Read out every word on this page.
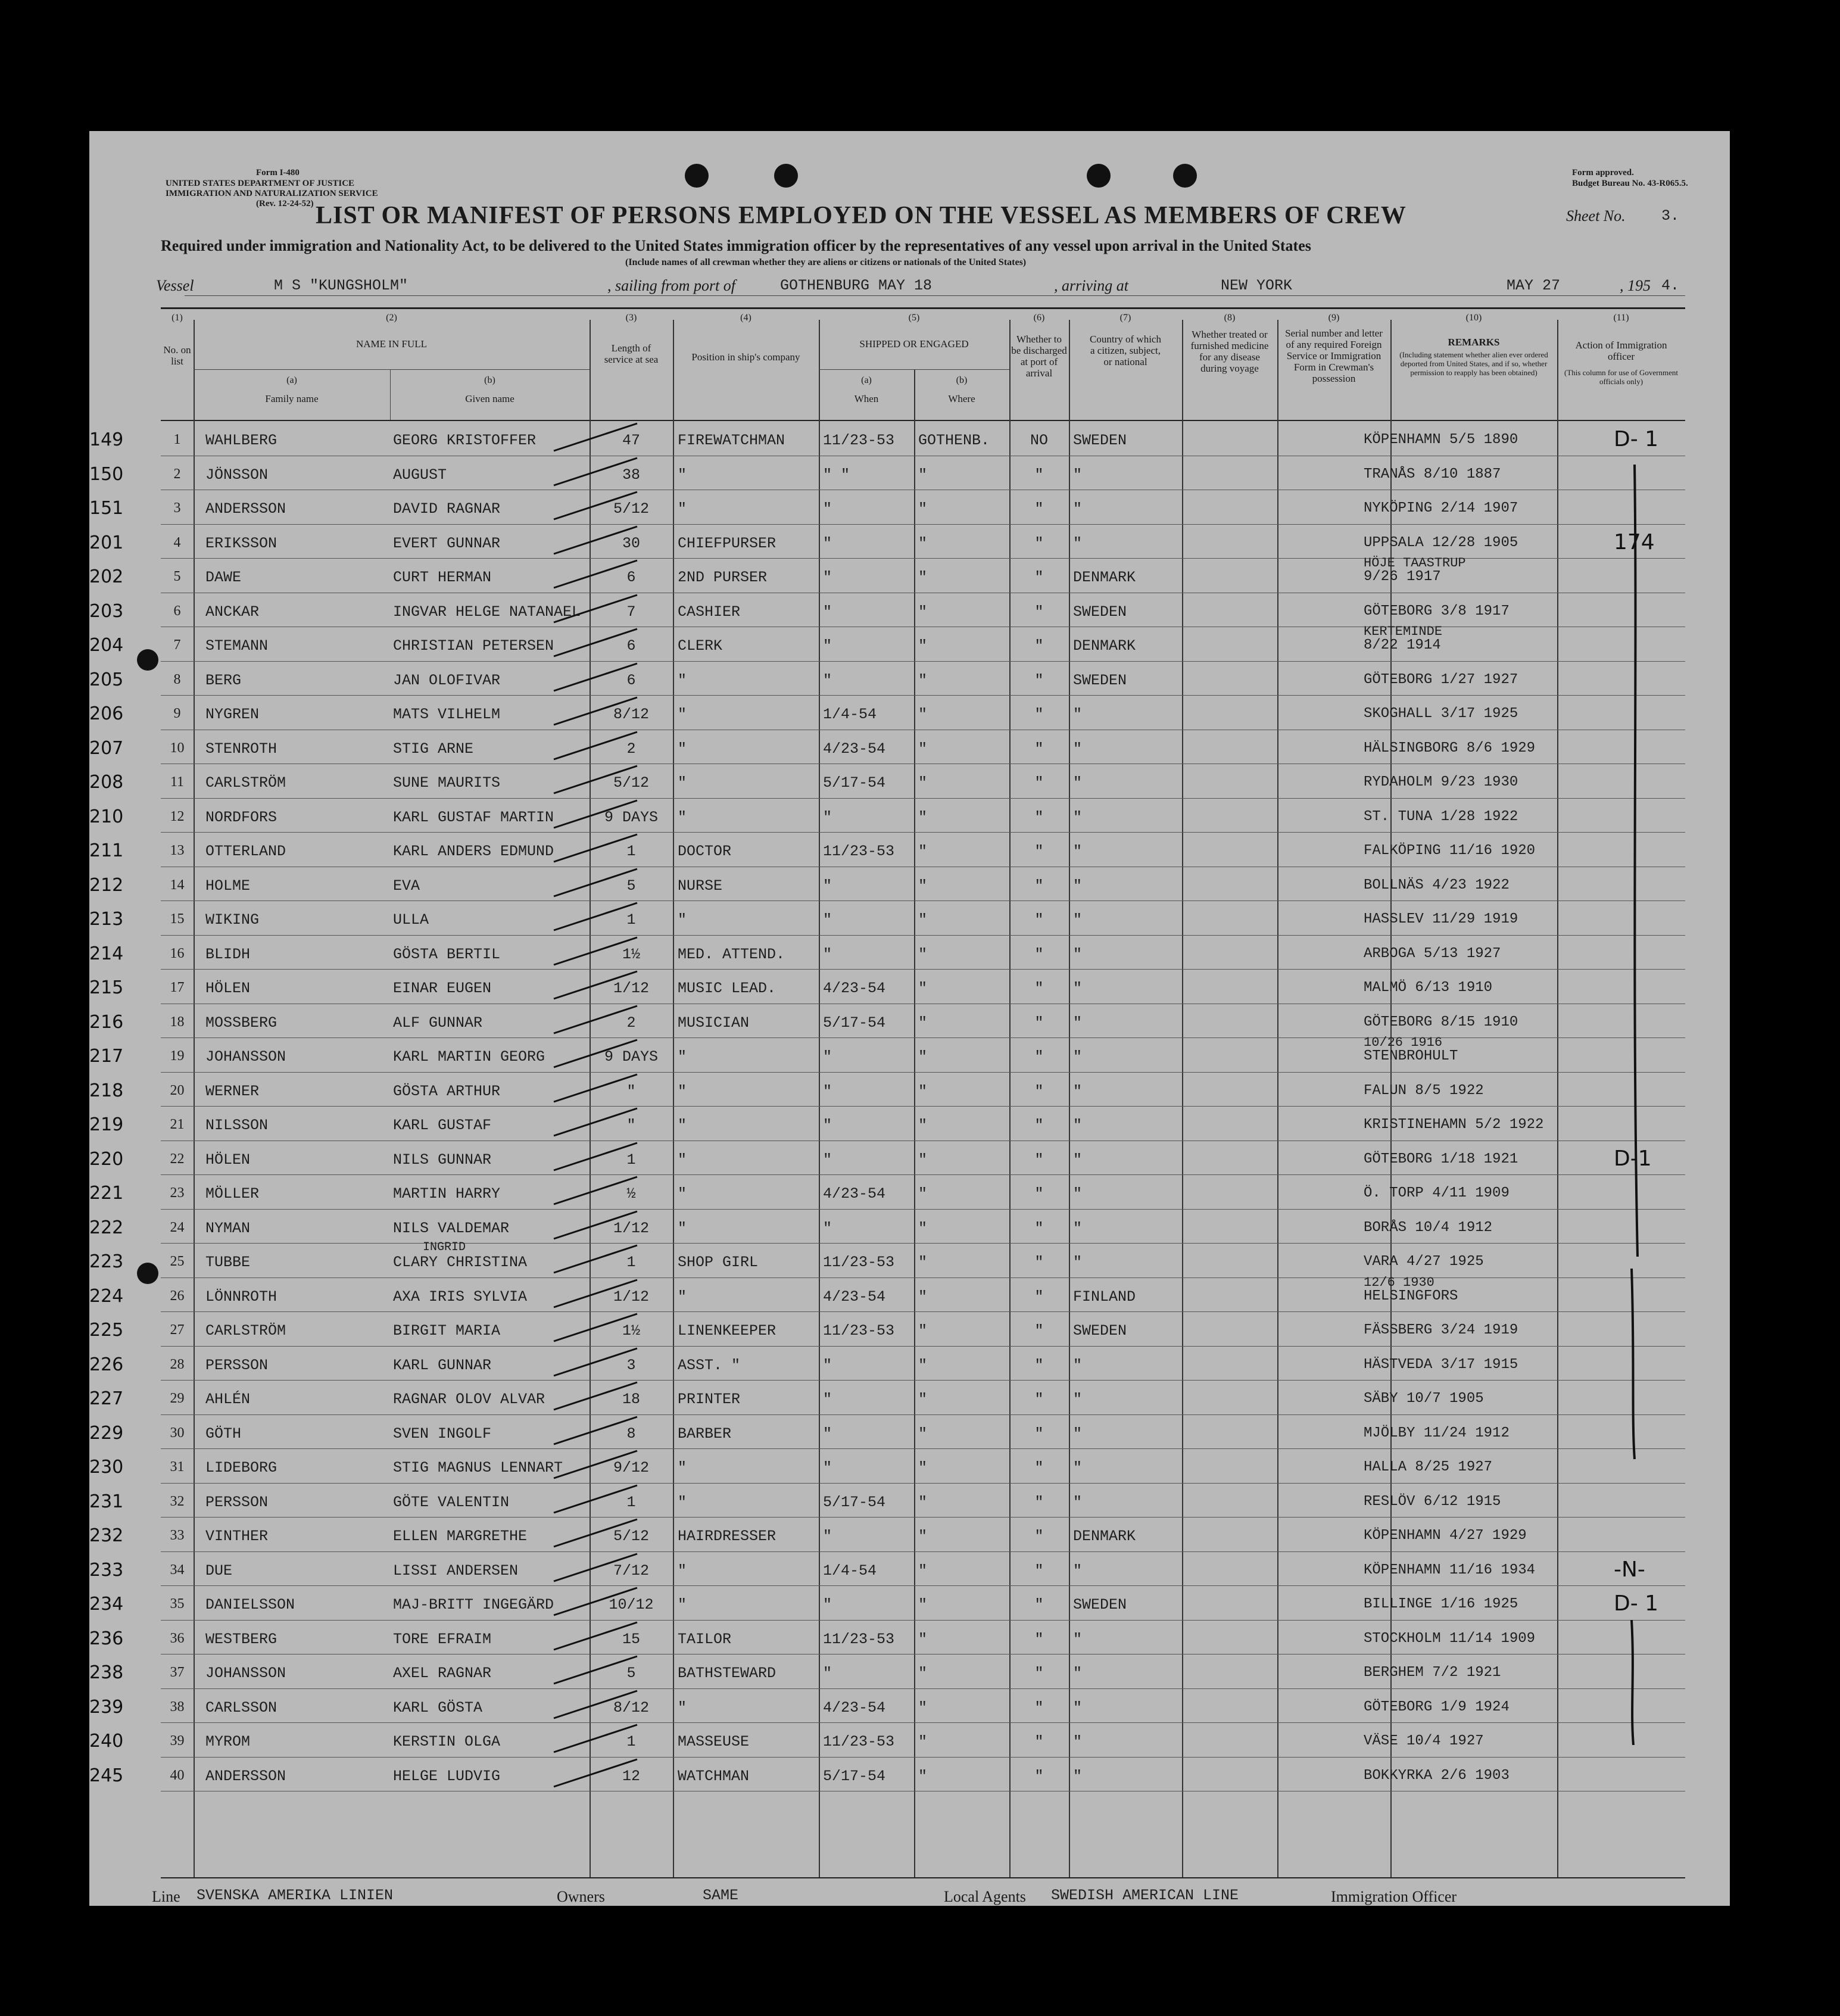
Form I-480
UNITED STATES DEPARTMENT OF JUSTICE
IMMIGRATION AND NATURALIZATION SERVICE
(Rev. 12-24-52)
Form approved.
Budget Bureau No. 43-R065.5.
LIST OR MANIFEST OF PERSONS EMPLOYED ON THE VESSEL AS MEMBERS OF CREW	Sheet No. 3.
Required under immigration and Nationality Act, to be delivered to the United States immigration officer by the representatives of any vessel upon arrival in the United States
(Include names of all crewman whether they are aliens or citizens or nationals of the United States)
Vessel	M S "KUNGSHOLM"	, sailing from port of	GOTHENBURG MAY 18	, arriving at	NEW YORK	MAY 27	, 195 4.
(1)
No. on list
(2)
NAME IN FULL
(a)
Family name
(b)
Given name
(3)
Length of service at sea
(4)
Position in ship's company
(5)
SHIPPED OR ENGAGED
(a)
When
(b)
Where
(6)
Whether to be discharged at port of arrival
(7)
Country of which a citizen, subject, or national
(8)
Whether treated or furnished medicine for any disease during voyage
(9)
Serial number and letter of any required Foreign Service or Immigration Form in Crewman's possession
(10)
REMARKS
(Including statement whether alien ever ordered deported from United States, and if so, whether permission to reapply has been obtained)
(11)
Action of Immigration officer
(This column for use of Government officials only)
149	1	WAHLBERG	GEORG KRISTOFFER	47	FIREWATCHMAN	11/23-53 GOTHENB.	NO	SWEDEN	KÖPENHAMN 5/5 1890	D- 1
150	2	JÖNSSON	AUGUST	38	"	" "	"	"	"	TRANÅS 8/10 1887
151	3	ANDERSSON	DAVID RAGNAR	5/12	"	"	"	"	"	NYKÖPING 2/14 1907
201	4	ERIKSSON	EVERT GUNNAR	30	CHIEFPURSER	"	"	"	"	UPPSALA 12/28 1905	174
202	5	DAWE	CURT HERMAN	6	2ND PURSER	"	"	"	DENMARK	9/26 1917
HÖJE TAASTRUP
203	6	ANCKAR	INGVAR HELGE NATANAEL	7	CASHIER	"	"	"	SWEDEN	GÖTEBORG 3/8 1917
204	7	STEMANN	CHRISTIAN PETERSEN	6	CLERK	"	"	"	DENMARK	8/22 1914
KERTEMINDE
205	8	BERG	JAN OLOFIVAR	6	"	"	"	"	SWEDEN	GÖTEBORG 1/27 1927
206	9	NYGREN	MATS VILHELM	8/12	"	1/4-54	"	"	"	SKOGHALL 3/17 1925
207	10	STENROTH	STIG ARNE	2	"	4/23-54 "	"	"	HÄLSINGBORG 8/6 1929
208	11	CARLSTRÖM	SUNE MAURITS	5/12	"	5/17-54 "	"	"	RYDAHOLM 9/23 1930
210	12	NORDFORS	KARL GUSTAF MARTIN	9 DAYS	"	"	"	"	"	ST. TUNA 1/28 1922
211	13	OTTERLAND	KARL ANDERS EDMUND	1	DOCTOR	11/23-53 "	"	"	FALKÖPING 11/16 1920
212	14	HOLME	EVA	5	NURSE	"	"	"	"	BOLLNÄS 4/23 1922
213	15	WIKING	ULLA	1	"	"	"	"	"	HASSLEV 11/29 1919
214	16	BLIDH	GÖSTA BERTIL	1½	MED. ATTEND.	"	"	"	"	ARBOGA 5/13 1927
215	17	HÖLEN	EINAR EUGEN	1/12	MUSIC LEAD.	4/23-54 "	"	"	MALMÖ 6/13 1910
216	18	MOSSBERG	ALF GUNNAR	2	MUSICIAN	5/17-54 "	"	"	GÖTEBORG 8/15 1910
217	19	JOHANSSON	KARL MARTIN GEORG	9 DAYS	"	"	"	"	"	STENBROHULT
10/26 1916
218	20	WERNER	GÖSTA ARTHUR	"	"	"	"	"	"	FALUN 8/5 1922
219	21	NILSSON	KARL GUSTAF	"	"	"	"	"	"	KRISTINEHAMN 5/2 1922
220	22	HÖLEN	NILS GUNNAR	1	"	"	"	"	"	GÖTEBORG 1/18 1921	D-1
221	23	MÖLLER	MARTIN HARRY	½	"	4/23-54 "	"	"	Ö. TORP 4/11 1909
222	24	NYMAN	NILS VALDEMAR	1/12	"	"	"	"	"	BORÅS 10/4 1912
223	25	TUBBE	CLARY CHRISTINA	1	SHOP GIRL	11/23-53 "	"	"	VARA 4/27 1925
INGRID
224	26	LÖNNROTH	AXA IRIS SYLVIA	1/12	"	4/23-54 "	"	FINLAND	HELSINGFORS
12/6 1930
225	27	CARLSTRÖM	BIRGIT MARIA	1½	LINENKEEPER	11/23-53 "	"	SWEDEN	FÄSSBERG 3/24 1919
226	28	PERSSON	KARL GUNNAR	3	ASST. "	"	"	"	"	HÄSTVEDA 3/17 1915
227	29	AHLÉN	RAGNAR OLOV ALVAR	18	PRINTER	"	"	"	"	SÄBY 10/7 1905
229	30	GÖTH	SVEN INGOLF	8	BARBER	"	"	"	"	MJÖLBY 11/24 1912
230	31	LIDEBORG	STIG MAGNUS LENNART	9/12	"	"	"	"	"	HALLA 8/25 1927
231	32	PERSSON	GÖTE VALENTIN	1	"	5/17-54 "	"	"	RESLÖV 6/12 1915
232	33	VINTHER	ELLEN MARGRETHE	5/12	HAIRDRESSER	"	"	"	DENMARK	KÖPENHAMN 4/27 1929
233	34	DUE	LISSI ANDERSEN	7/12	"	1/4-54	"	"	"	KÖPENHAMN 11/16 1934	-N-
234	35	DANIELSSON	MAJ-BRITT INGEGÄRD	10/12	"	"	"	"	SWEDEN	BILLINGE 1/16 1925	D- 1
236	36	WESTBERG	TORE EFRAIM	15	TAILOR	11/23-53 "	"	"	STOCKHOLM 11/14 1909
238	37	JOHANSSON	AXEL RAGNAR	5	BATHSTEWARD	"	"	"	"	BERGHEM 7/2 1921
239	38	CARLSSON	KARL GÖSTA	8/12	"	4/23-54 "	"	"	GÖTEBORG 1/9 1924
240	39	MYROM	KERSTIN OLGA	1	MASSEUSE	11/23-53 "	"	"	VÄSE 10/4 1927
245	40	ANDERSSON	HELGE LUDVIG	12	WATCHMAN	5/17-54 "	"	"	BOKKYRKA 2/6 1903
Line SVENSKA AMERIKA LINIEN	Owners	SAME	Local Agents SWEDISH AMERICAN LINE	Immigration Officer
